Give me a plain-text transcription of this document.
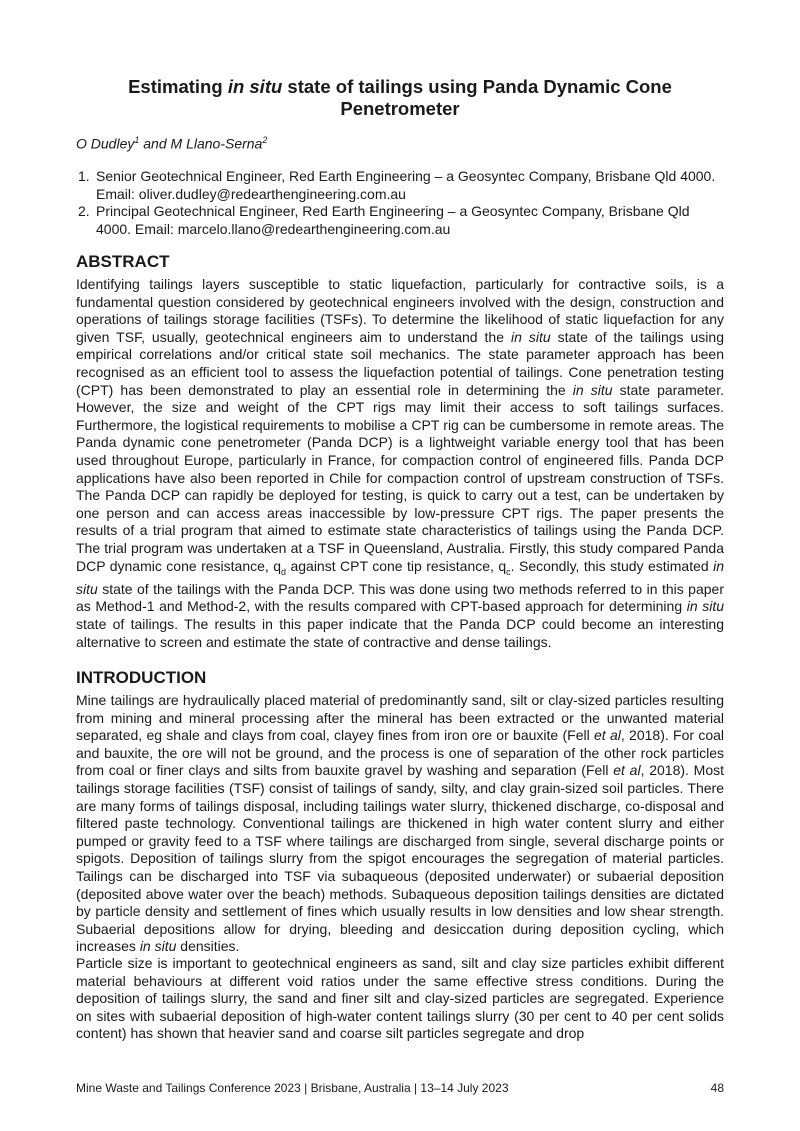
Estimating in situ state of tailings using Panda Dynamic Cone Penetrometer
O Dudley$^1$ and M Llano-Serna$^2$
1. Senior Geotechnical Engineer, Red Earth Engineering – a Geosyntec Company, Brisbane Qld 4000. Email: oliver.dudley@redearthengineering.com.au
2. Principal Geotechnical Engineer, Red Earth Engineering – a Geosyntec Company, Brisbane Qld 4000. Email: marcelo.llano@redearthengineering.com.au
ABSTRACT

Identifying tailings layers susceptible to static liquefaction, particularly for contractive soils, is a fundamental question considered by geotechnical engineers involved with the design, construction and operations of tailings storage facilities (TSFs). To determine the likelihood of static liquefaction for any given TSF, usually, geotechnical engineers aim to understand the in situ state of the tailings using empirical correlations and/or critical state soil mechanics. The state parameter approach has been recognised as an efficient tool to assess the liquefaction potential of tailings. Cone penetration testing (CPT) has been demonstrated to play an essential role in determining the in situ state parameter. However, the size and weight of the CPT rigs may limit their access to soft tailings surfaces. Furthermore, the logistical requirements to mobilise a CPT rig can be cumbersome in remote areas. The Panda dynamic cone penetrometer (Panda DCP) is a lightweight variable energy tool that has been used throughout Europe, particularly in France, for compaction control of engineered fills. Panda DCP applications have also been reported in Chile for compaction control of upstream construction of TSFs. The Panda DCP can rapidly be deployed for testing, is quick to carry out a test, can be undertaken by one person and can access areas inaccessible by low-pressure CPT rigs. The paper presents the results of a trial program that aimed to estimate state characteristics of tailings using the Panda DCP. The trial program was undertaken at a TSF in Queensland, Australia. Firstly, this study compared Panda DCP dynamic cone resistance, $q_d$ against CPT cone tip resistance, $q_c$. Secondly, this study estimated in situ state of the tailings with the Panda DCP. This was done using two methods referred to in this paper as Method-1 and Method-2, with the results compared with CPT-based approach for determining in situ state of tailings. The results in this paper indicate that the Panda DCP could become an interesting alternative to screen and estimate the state of contractive and dense tailings.

INTRODUCTION

Mine tailings are hydraulically placed material of predominantly sand, silt or clay-sized particles resulting from mining and mineral processing after the mineral has been extracted or the unwanted material separated, eg shale and clays from coal, clayey fines from iron ore or bauxite (Fell et al, 2018). For coal and bauxite, the ore will not be ground, and the process is one of separation of the other rock particles from coal or finer clays and silts from bauxite gravel by washing and separation (Fell et al, 2018). Most tailings storage facilities (TSF) consist of tailings of sandy, silty, and clay grain-sized soil particles. There are many forms of tailings disposal, including tailings water slurry, thickened discharge, co-disposal and filtered paste technology. Conventional tailings are thickened in high water content slurry and either pumped or gravity feed to a TSF where tailings are discharged from single, several discharge points or spigots. Deposition of tailings slurry from the spigot encourages the segregation of material particles. Tailings can be discharged into TSF via subaqueous (deposited underwater) or subaerial deposition (deposited above water over the beach) methods. Subaqueous deposition tailings densities are dictated by particle density and settlement of fines which usually results in low densities and low shear strength. Subaerial depositions allow for drying, bleeding and desiccation during deposition cycling, which increases in situ densities.

Particle size is important to geotechnical engineers as sand, silt and clay size particles exhibit different material behaviours at different void ratios under the same effective stress conditions. During the deposition of tailings slurry, the sand and finer silt and clay-sized particles are segregated. Experience on sites with subaerial deposition of high-water content tailings slurry (30 per cent to 40 per cent solids content) has shown that heavier sand and coarse silt particles segregate and drop

Mine Waste and Tailings Conference 2023 | Brisbane, Australia | 13–14 July 2023	48
